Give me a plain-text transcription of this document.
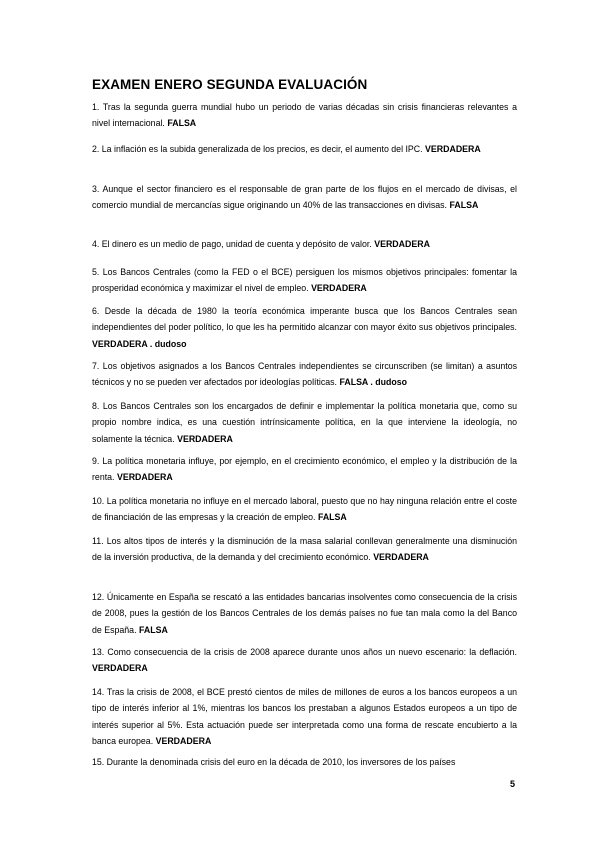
EXAMEN ENERO SEGUNDA EVALUACIÓN
1. Tras la segunda guerra mundial hubo un periodo de varias décadas sin crisis financieras relevantes a nivel internacional. FALSA
2. La inflación es la subida generalizada de los precios, es decir, el aumento del IPC. VERDADERA
3. Aunque el sector financiero es el responsable de gran parte de los flujos en el mercado de divisas, el comercio mundial de mercancías sigue originando un 40% de las transacciones en divisas. FALSA
4. El dinero es un medio de pago, unidad de cuenta y depósito de valor. VERDADERA
5. Los Bancos Centrales (como la FED o el BCE) persiguen los mismos objetivos principales: fomentar la prosperidad económica y maximizar el nivel de empleo. VERDADERA
6. Desde la década de 1980 la teoría económica imperante busca que los Bancos Centrales sean independientes del poder político, lo que les ha permitido alcanzar con mayor éxito sus objetivos principales. VERDADERA . dudoso
7. Los objetivos asignados a los Bancos Centrales independientes se circunscriben (se limitan) a asuntos técnicos y no se pueden ver afectados por ideologías políticas. FALSA . dudoso
8. Los Bancos Centrales son los encargados de definir e implementar la política monetaria que, como su propio nombre indica, es una cuestión intrínsicamente política, en la que interviene la ideología, no solamente la técnica. VERDADERA
9. La política monetaria influye, por ejemplo, en el crecimiento económico, el empleo y la distribución de la renta. VERDADERA
10. La política monetaria no influye en el mercado laboral, puesto que no hay ninguna relación entre el coste de financiación de las empresas y la creación de empleo. FALSA
11. Los altos tipos de interés y la disminución de la masa salarial conllevan generalmente una disminución de la inversión productiva, de la demanda y del crecimiento económico. VERDADERA
12. Únicamente en España se rescató a las entidades bancarias insolventes como consecuencia de la crisis de 2008, pues la gestión de los Bancos Centrales de los demás países no fue tan mala como la del Banco de España. FALSA
13. Como consecuencia de la crisis de 2008 aparece durante unos años un nuevo escenario: la deflación. VERDADERA
14. Tras la crisis de 2008, el BCE prestó cientos de miles de millones de euros a los bancos europeos a un tipo de interés inferior al 1%, mientras los bancos los prestaban a algunos Estados europeos a un tipo de interés superior al 5%. Esta actuación puede ser interpretada como una forma de rescate encubierto a la banca europea. VERDADERA
15. Durante la denominada crisis del euro en la década de 2010, los inversores de los países
5
